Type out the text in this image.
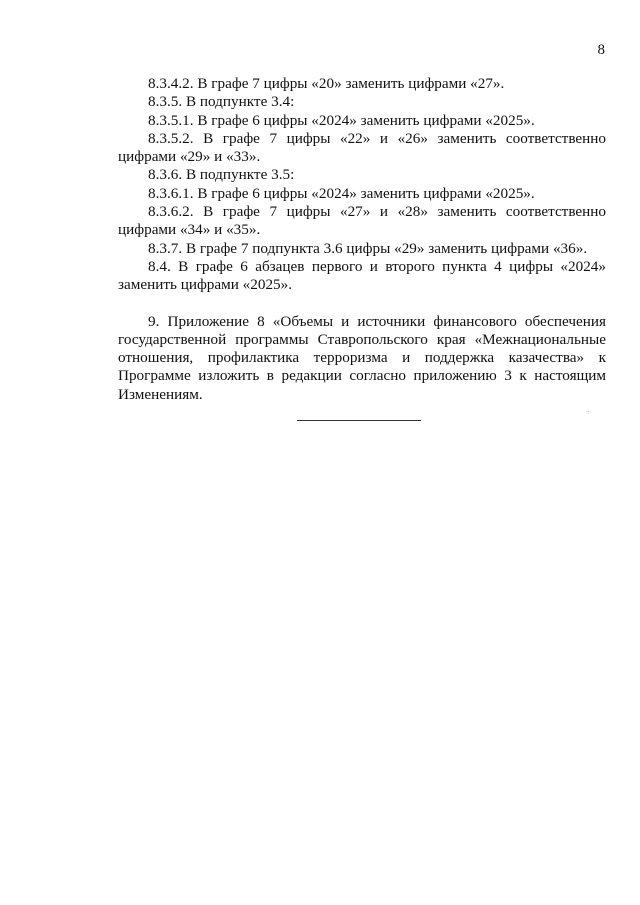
8

8.3.4.2. В графе 7 цифры «20» заменить цифрами «27».

8.3.5. В подпункте 3.4:

8.3.5.1. В графе 6 цифры «2024» заменить цифрами «2025».

8.3.5.2. В графе 7 цифры «22» и «26» заменить соответственно цифрами «29» и «33».

8.3.6. В подпункте 3.5:

8.3.6.1. В графе 6 цифры «2024» заменить цифрами «2025».

8.3.6.2. В графе 7 цифры «27» и «28» заменить соответственно цифрами «34» и «35».

8.3.7. В графе 7 подпункта 3.6 цифры «29» заменить цифрами «36».

8.4. В графе 6 абзацев первого и второго пункта 4 цифры «2024» заменить цифрами «2025».

9. Приложение 8 «Объемы и источники финансового обеспечения государственной программы Ставропольского края «Межнациональные отношения, профилактика терроризма и поддержка казачества» к Программе изложить в редакции согласно приложению 3 к настоящим Изменениям.
